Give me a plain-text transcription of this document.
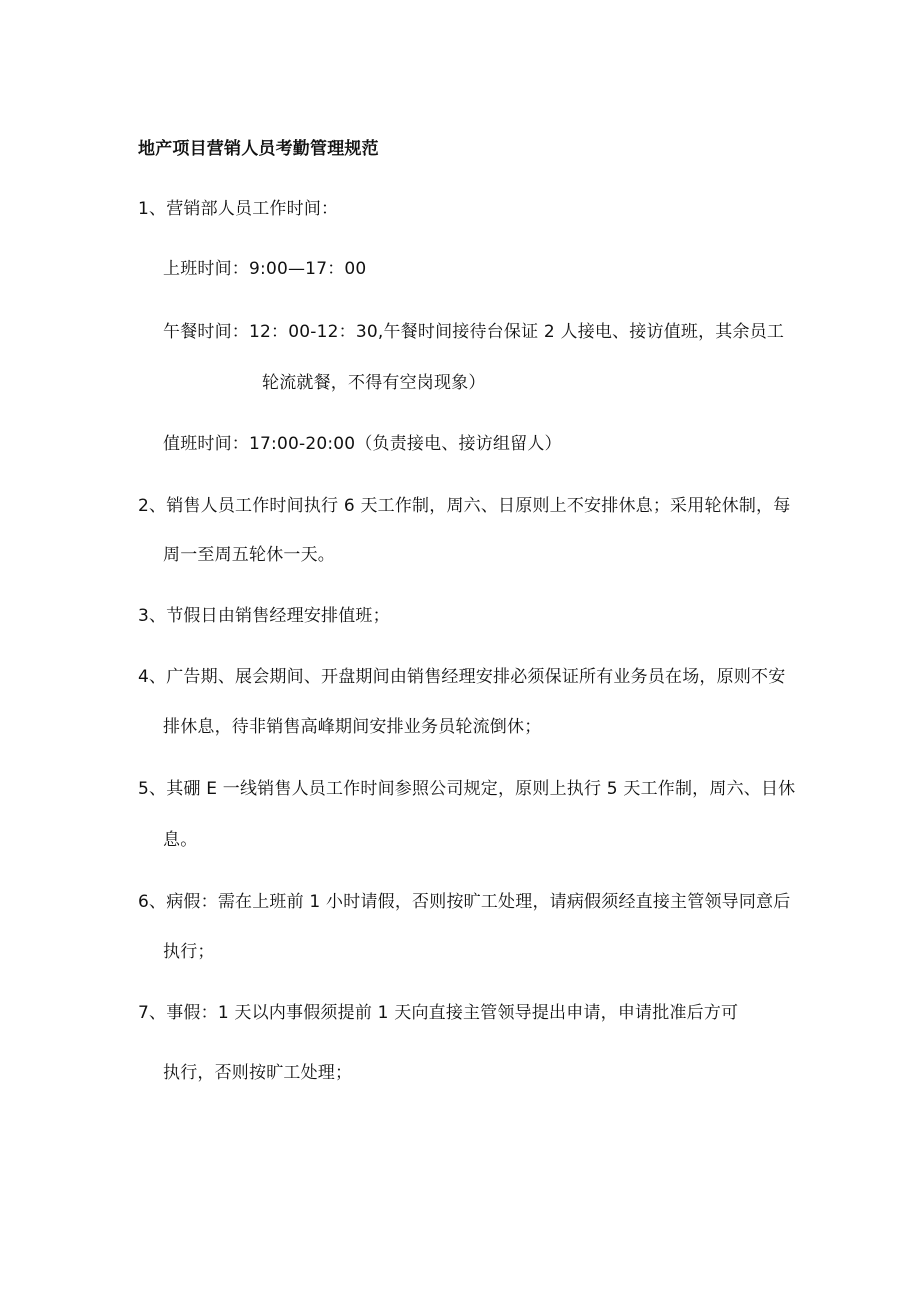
地产项目营销人员考勤管理规范
1、营销部人员工作时间：
上班时间：9:00—17：00
午餐时间：12：00-12：30,午餐时间接待台保证 2 人接电、接访值班，其余员工
轮流就餐，不得有空岗现象）
值班时间：17:00-20:00（负责接电、接访组留人）
2、销售人员工作时间执行 6 天工作制，周六、日原则上不安排休息；采用轮休制，每
周一至周五轮休一天。
3、节假日由销售经理安排值班；
4、广告期、展会期间、开盘期间由销售经理安排必须保证所有业务员在场，原则不安
排休息，待非销售高峰期间安排业务员轮流倒休；
5、其硼 E 一线销售人员工作时间参照公司规定，原则上执行 5 天工作制，周六、日休
息。
6、病假：需在上班前 1 小时请假，否则按旷工处理，请病假须经直接主管领导同意后
执行；
7、事假：1 天以内事假须提前 1 天向直接主管领导提出申请，申请批准后方可
执行，否则按旷工处理；
